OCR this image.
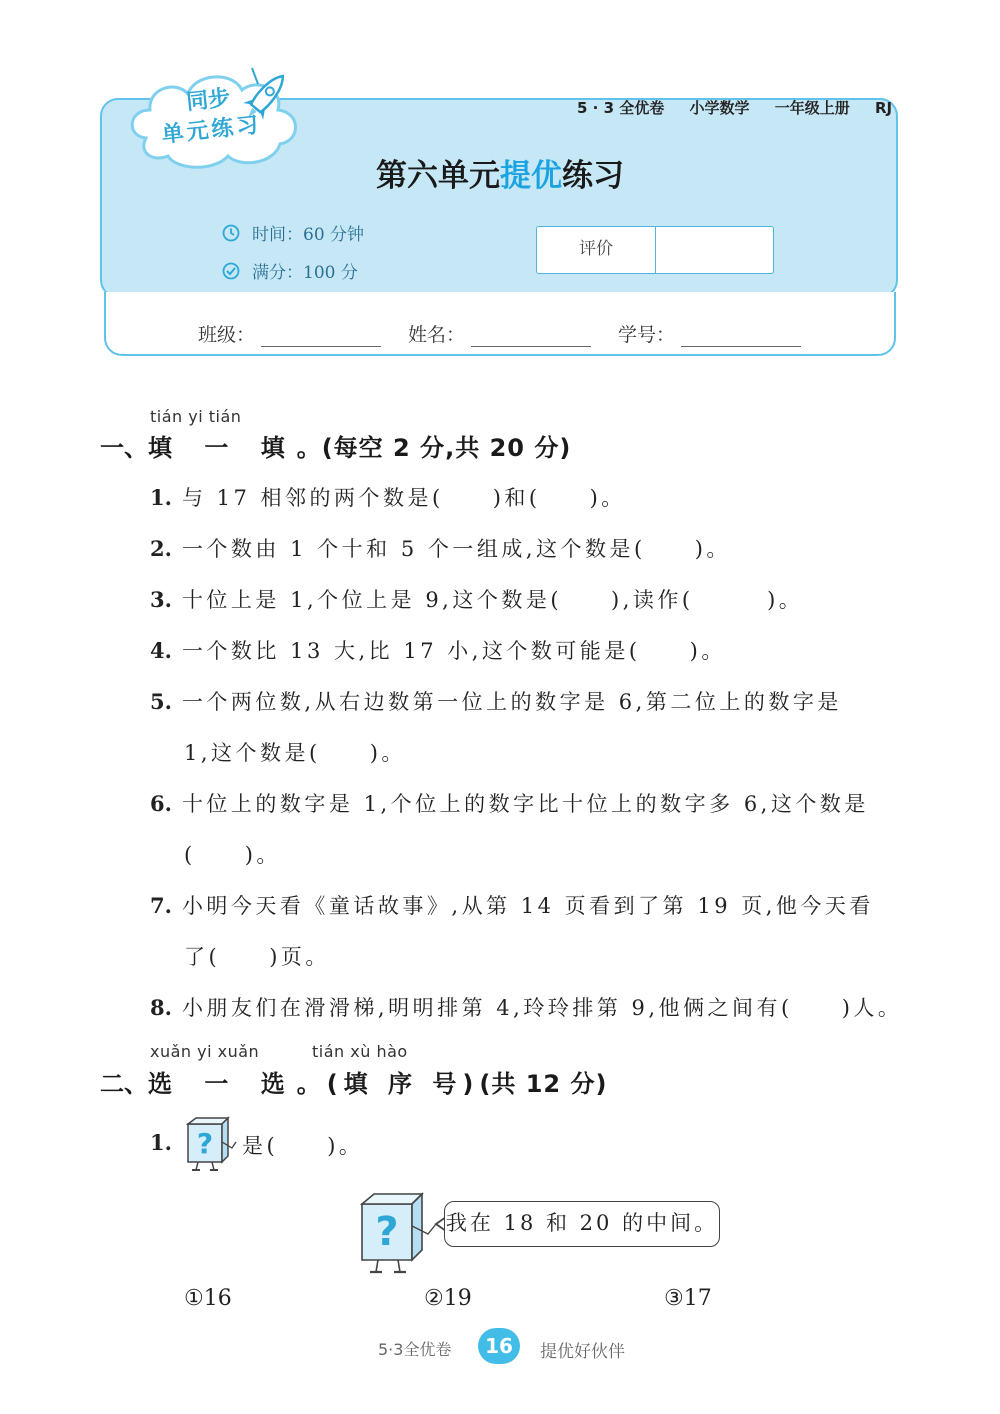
5 · 3 全优卷 小学数学 一年级上册 RJ
同步
单元练习
第六单元提优练习
时间：60 分钟
满分：100 分
评价
班级：	姓名：	学号：
tián yi tián
一、填 一 填。(每空 2 分,共 20 分)
1. 与 17 相邻的两个数是(　　)和(　　)。
2. 一个数由 1 个十和 5 个一组成,这个数是(　　)。
3. 十位上是 1,个位上是 9,这个数是(　　),读作(　　　)。
4. 一个数比 13 大,比 17 小,这个数可能是(　　)。
5. 一个两位数,从右边数第一位上的数字是 6,第二位上的数字是
1,这个数是(　　)。
6. 十位上的数字是 1,个位上的数字比十位上的数字多 6,这个数是
(　　)。
7. 小明今天看《童话故事》,从第 14 页看到了第 19 页,他今天看
了(　　)页。
8. 小朋友们在滑滑梯,明明排第 4,玲玲排第 9,他俩之间有(　　)人。
xuǎn yi xuǎn	tián xù hào
二、选 一 选。(填 序 号)(共 12 分)
1. ? 是(　　)。
? 我在 18 和 20 的中间。
①16	②19	③17
5·3全优卷	16	提优好伙伴
